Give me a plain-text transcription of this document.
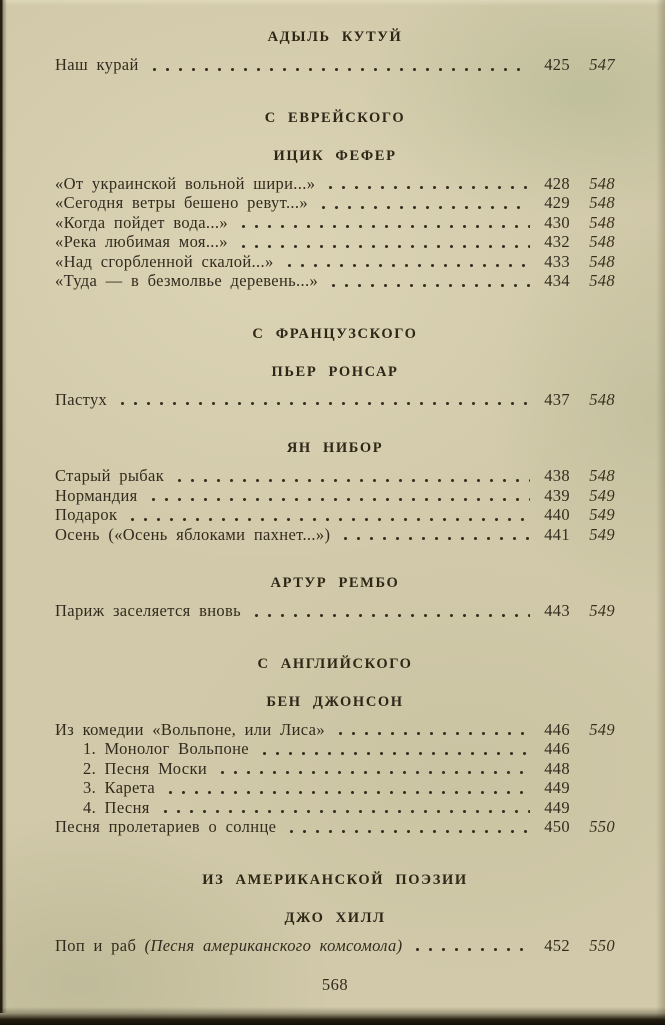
АДЫЛЬ КУТУЙ
Наш курай	425	547
С ЕВРЕЙСКОГО
ИЦИК ФЕФЕР
«От украинской вольной шири...»	428	548
«Сегодня ветры бешено ревут...»	429	548
«Когда пойдет вода...»	430	548
«Река любимая моя...»	432	548
«Над сгорбленной скалой...»	433	548
«Туда — в безмолвье деревень...»	434	548
С ФРАНЦУЗСКОГО
ПЬЕР РОНСАР
Пастух	437	548
ЯН НИБОР
Старый рыбак	438	548
Нормандия	439	549
Подарок	440	549
Осень («Осень яблоками пахнет...»)	441	549
АРТУР РЕМБО
Париж заселяется вновь	443	549
С АНГЛИЙСКОГО
БЕН ДЖОНСОН
Из комедии «Вольпоне, или Лиса»	446	549
1. Монолог Вольпоне	446
2. Песня Моски	448
3. Карета	449
4. Песня	449
Песня пролетариев о солнце	450	550
ИЗ АМЕРИКАНСКОЙ ПОЭЗИИ
ДЖО ХИЛЛ
Поп и раб (Песня американского комсомола)	452	550
568
